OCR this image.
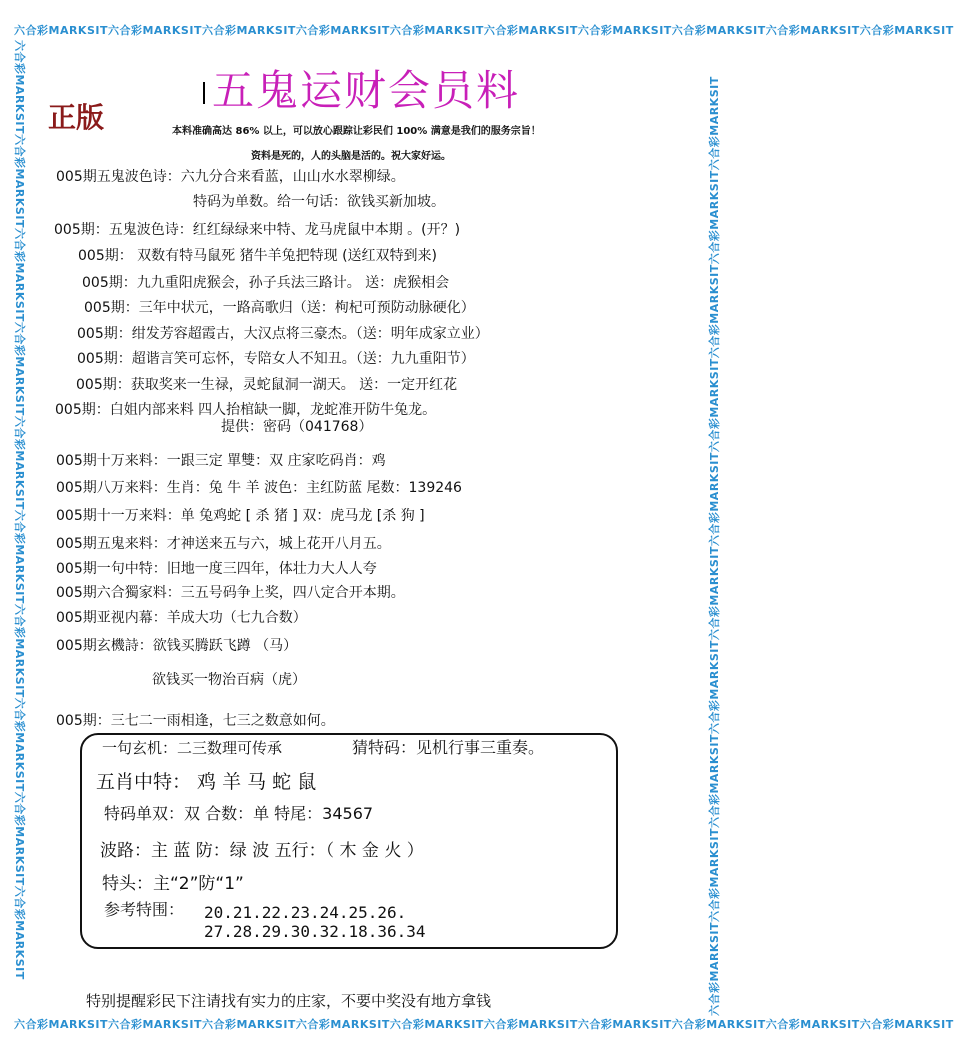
六合彩MARKSIT六合彩MARKSIT六合彩MARKSIT六合彩MARKSIT六合彩MARKSIT六合彩MARKSIT六合彩MARKSIT六合彩MARKSIT六合彩MARKSIT六合彩MARKSIT
六合彩MARKSIT六合彩MARKSIT六合彩MARKSIT六合彩MARKSIT六合彩MARKSIT六合彩MARKSIT六合彩MARKSIT六合彩MARKSIT六合彩MARKSIT六合彩MARKSIT
六合彩MARKSIT六合彩MARKSIT六合彩MARKSIT六合彩MARKSIT六合彩MARKSIT六合彩MARKSIT六合彩MARKSIT六合彩MARKSIT六合彩MARKSIT六合彩MARKSIT	六合彩MARKSIT六合彩MARKSIT六合彩MARKSIT六合彩MARKSIT六合彩MARKSIT六合彩MARKSIT六合彩MARKSIT六合彩MARKSIT六合彩MARKSIT六合彩MARKSIT
五鬼运财会员料
正版	本料准确高达 86% 以上，可以放心跟踪让彩民们 100% 满意是我们的服务宗旨！
资料是死的，人的头脑是活的。祝大家好运。
005期五鬼波色诗：六九分合来看蓝，山山水水翠柳绿。
特码为单数。给一句话：欲钱买新加坡。
005期：五鬼波色诗：红红绿绿来中特、龙马虎鼠中本期 。(开？)
005期： 双数有特马鼠死 猪牛羊兔把特现 (送红双特到来)
005期：九九重阳虎猴会，孙子兵法三路计。 送：虎猴相会
005期：三年中状元，一路高歌归（送：枸杞可预防动脉硬化）
005期：绀发芳容超霞古，大汉点将三豪杰。（送：明年成家立业）
005期：超谐言笑可忘怀，专陪女人不知丑。（送：九九重阳节）
005期：获取奖来一生禄，灵蛇鼠洞一湖天。 送：一定开红花
005期：白姐内部来料 四人抬棺缺一脚，龙蛇准开防牛兔龙。
提供：密码（041768）
005期十万来料：一跟三定 單雙：双 庄家吃码肖：鸡
005期八万来料：生肖：兔 牛 羊 波色：主红防蓝 尾数：139246
005期十一万来料：单 兔鸡蛇 [ 杀 猪 ] 双：虎马龙 [杀 狗 ]
005期五鬼来料：才神送来五与六，城上花开八月五。
005期一句中特：旧地一度三四年，体壮力大人人夸
005期六合獨家料：三五号码争上奖，四八定合开本期。
005期亚视内幕：羊成大功（七九合数）
005期玄機詩：欲钱买腾跃飞蹲 （马）
欲钱买一物治百病（虎）
005期：三七二一雨相逢，七三之数意如何。
一句玄机：二三数理可传承	猜特码：见机行事三重奏。
五肖中特： 鸡 羊 马 蛇 鼠
特码单双：双 合数：单 特尾：34567
波路：主 蓝 防：绿 波 五行：（ 木 金 火 ）
特头：主“2”防“1”
参考特围： 20.21.22.23.24.25.26.
27.28.29.30.32.18.36.34
特别提醒彩民下注请找有实力的庄家，不要中奖没有地方拿钱
